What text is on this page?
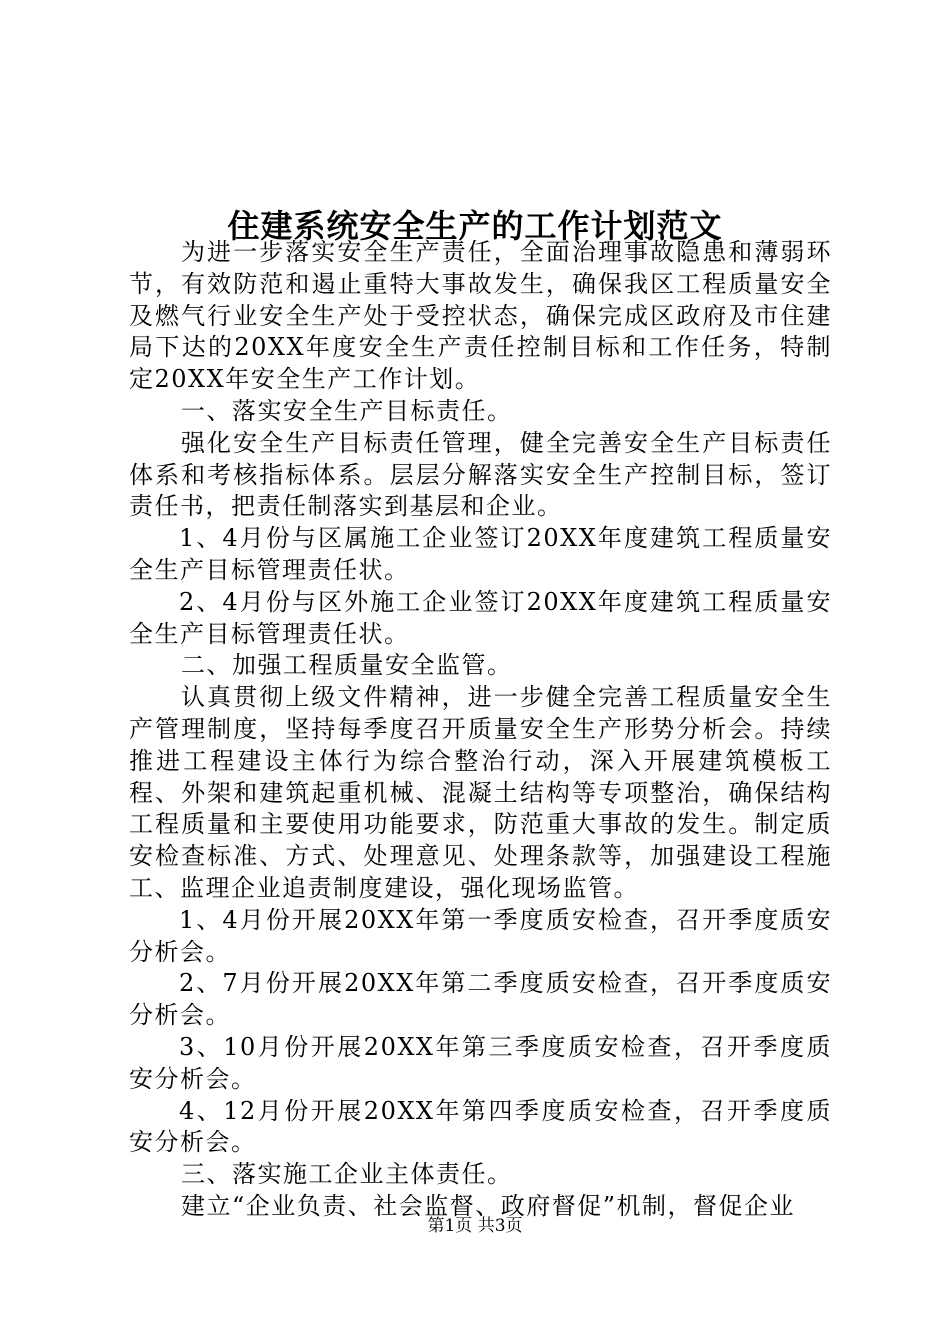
住建系统安全生产的工作计划范文

为进一步落实安全生产责任，全面治理事故隐患和薄弱环节，有效防范和遏止重特大事故发生，确保我区工程质量安全及燃气行业安全生产处于受控状态，确保完成区政府及市住建局下达的20XX年度安全生产责任控制目标和工作任务，特制定20XX年安全生产工作计划。

一、落实安全生产目标责任。

强化安全生产目标责任管理，健全完善安全生产目标责任体系和考核指标体系。层层分解落实安全生产控制目标，签订责任书，把责任制落实到基层和企业。

1、4月份与区属施工企业签订20XX年度建筑工程质量安全生产目标管理责任状。

2、4月份与区外施工企业签订20XX年度建筑工程质量安全生产目标管理责任状。

二、加强工程质量安全监管。

认真贯彻上级文件精神，进一步健全完善工程质量安全生产管理制度，坚持每季度召开质量安全生产形势分析会。持续推进工程建设主体行为综合整治行动，深入开展建筑模板工程、外架和建筑起重机械、混凝土结构等专项整治，确保结构工程质量和主要使用功能要求，防范重大事故的发生。制定质安检查标准、方式、处理意见、处理条款等，加强建设工程施工、监理企业追责制度建设，强化现场监管。

1、4月份开展20XX年第一季度质安检查，召开季度质安分析会。

2、7月份开展20XX年第二季度质安检查，召开季度质安分析会。

3、10月份开展20XX年第三季度质安检查，召开季度质安分析会。

4、12月份开展20XX年第四季度质安检查，召开季度质安分析会。

三、落实施工企业主体责任。

建立“企业负责、社会监督、政府督促”机制，督促企业

第1页 共3页
